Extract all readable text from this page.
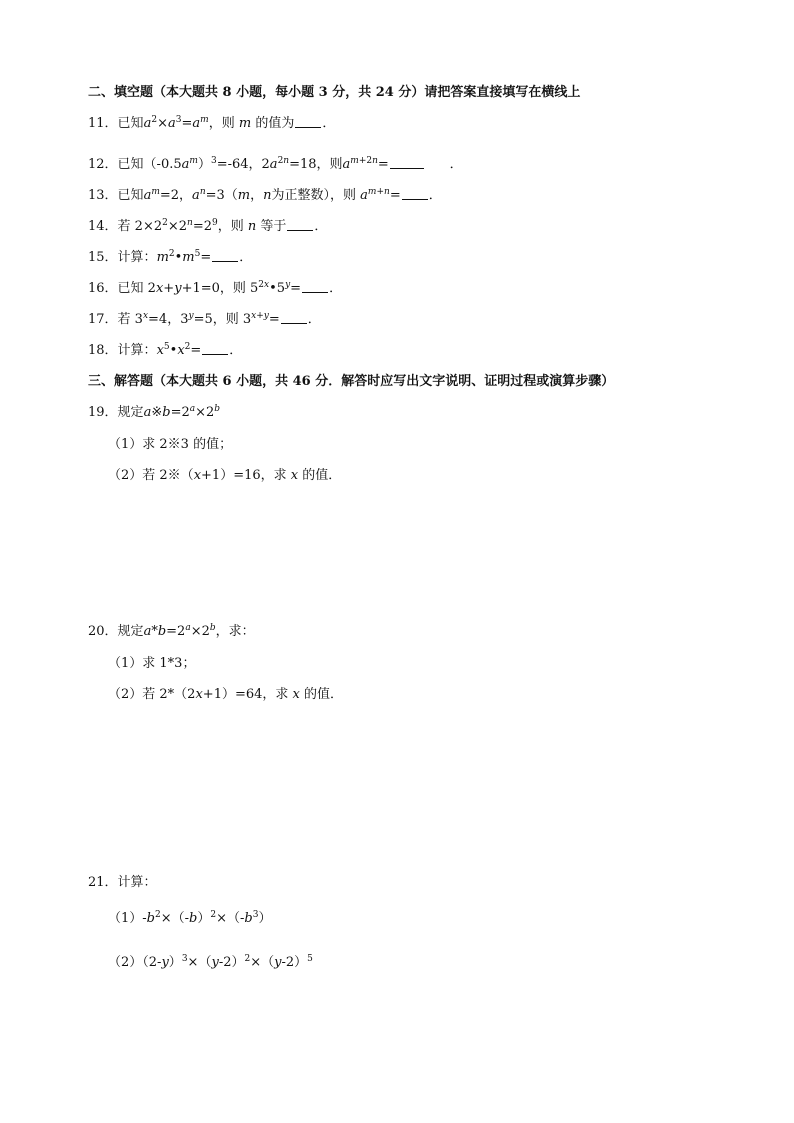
二、填空题（本大题共 8 小题，每小题 3 分，共 24 分）请把答案直接填写在横线上
11．已知$a^2\times a^3=a^m$，则 m 的值为 ．
12．已知$(-0.5a^m)^3=-64$，$2a^{2n}=18$，则$a^{m+2n}=$	．
13．已知$a^m=2$，$a^n=3(m$，n为正整数），则 $a^{m+n}=$ ．
14．若 $2\times 2^2\times 2^n=2^9$，则 n 等于 ．
15．计算：$m^2•m^5=$ ．
16．已知 2x+y+1=0，则 $5^{2x}•5^y=$ ．
17．若 $3^x=4$，$3^y=5$，则 $3^{x+y}=$ ．
18．计算：$x^5•x^2=$ ．
三、解答题（本大题共 6 小题，共 46 分．解答时应写出文字说明、证明过程或演算步骤）
19．规定$a※b=2^a\times 2^b$
（1）求 2※3 的值；
（2）若 2※（x+1）=16，求 x 的值．
20．规定$a*b=2^a\times 2^b$，求：
（1）求 1*3；
（2）若 2*（2x+1）=64，求 x 的值．
21．计算：
$(1)-b^2\times(-b)^2\times(-b^3)$
$(2)(2-y)^3\times(y-2)^2\times(y-2)^5$
